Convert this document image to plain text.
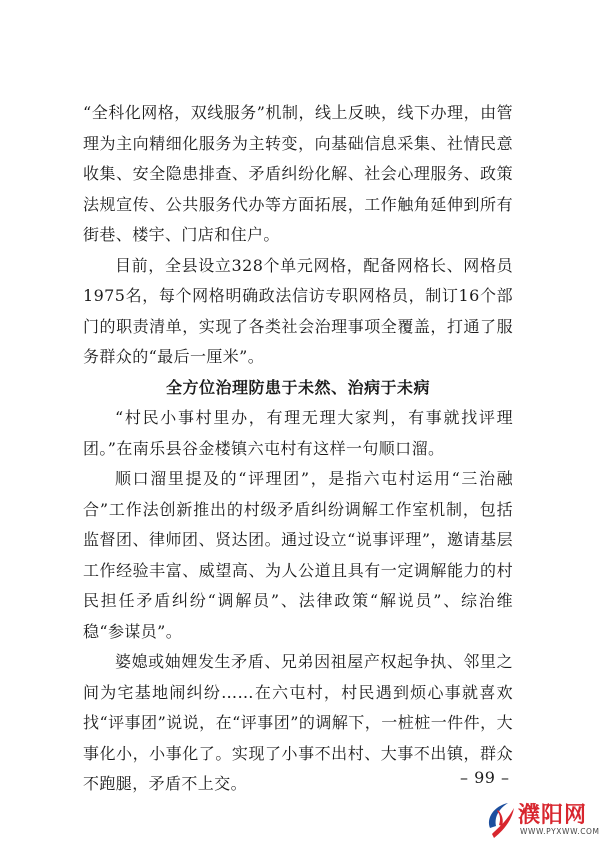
“全科化网格，双线服务”机制，线上反映，线下办理，由管理为主向精细化服务为主转变，向基础信息采集、社情民意收集、安全隐患排查、矛盾纠纷化解、社会心理服务、政策法规宣传、公共服务代办等方面拓展，工作触角延伸到所有街巷、楼宇、门店和住户。

目前，全县设立328个单元网格，配备网格长、网格员1975名，每个网格明确政法信访专职网格员，制订16个部门的职责清单，实现了各类社会治理事项全覆盖，打通了服务群众的“最后一厘米”。

全方位治理防患于未然、治病于未病

“村民小事村里办，有理无理大家判，有事就找评理团。”在南乐县谷金楼镇六屯村有这样一句顺口溜。

顺口溜里提及的“评理团”，是指六屯村运用“三治融合”工作法创新推出的村级矛盾纠纷调解工作室机制，包括监督团、律师团、贤达团。通过设立“说事评理”，邀请基层工作经验丰富、威望高、为人公道且具有一定调解能力的村民担任矛盾纠纷“调解员”、法律政策“解说员”、综治维稳“参谋员”。

婆媳或妯娌发生矛盾、兄弟因祖屋产权起争执、邻里之间为宅基地闹纠纷……在六屯村，村民遇到烦心事就喜欢找“评事团”说说，在“评事团”的调解下，一桩桩一件件，大事化小，小事化了。实现了小事不出村、大事不出镇，群众不跑腿，矛盾不上交。	– 99 –
濮阳网
WWW.PYXWW.COM
